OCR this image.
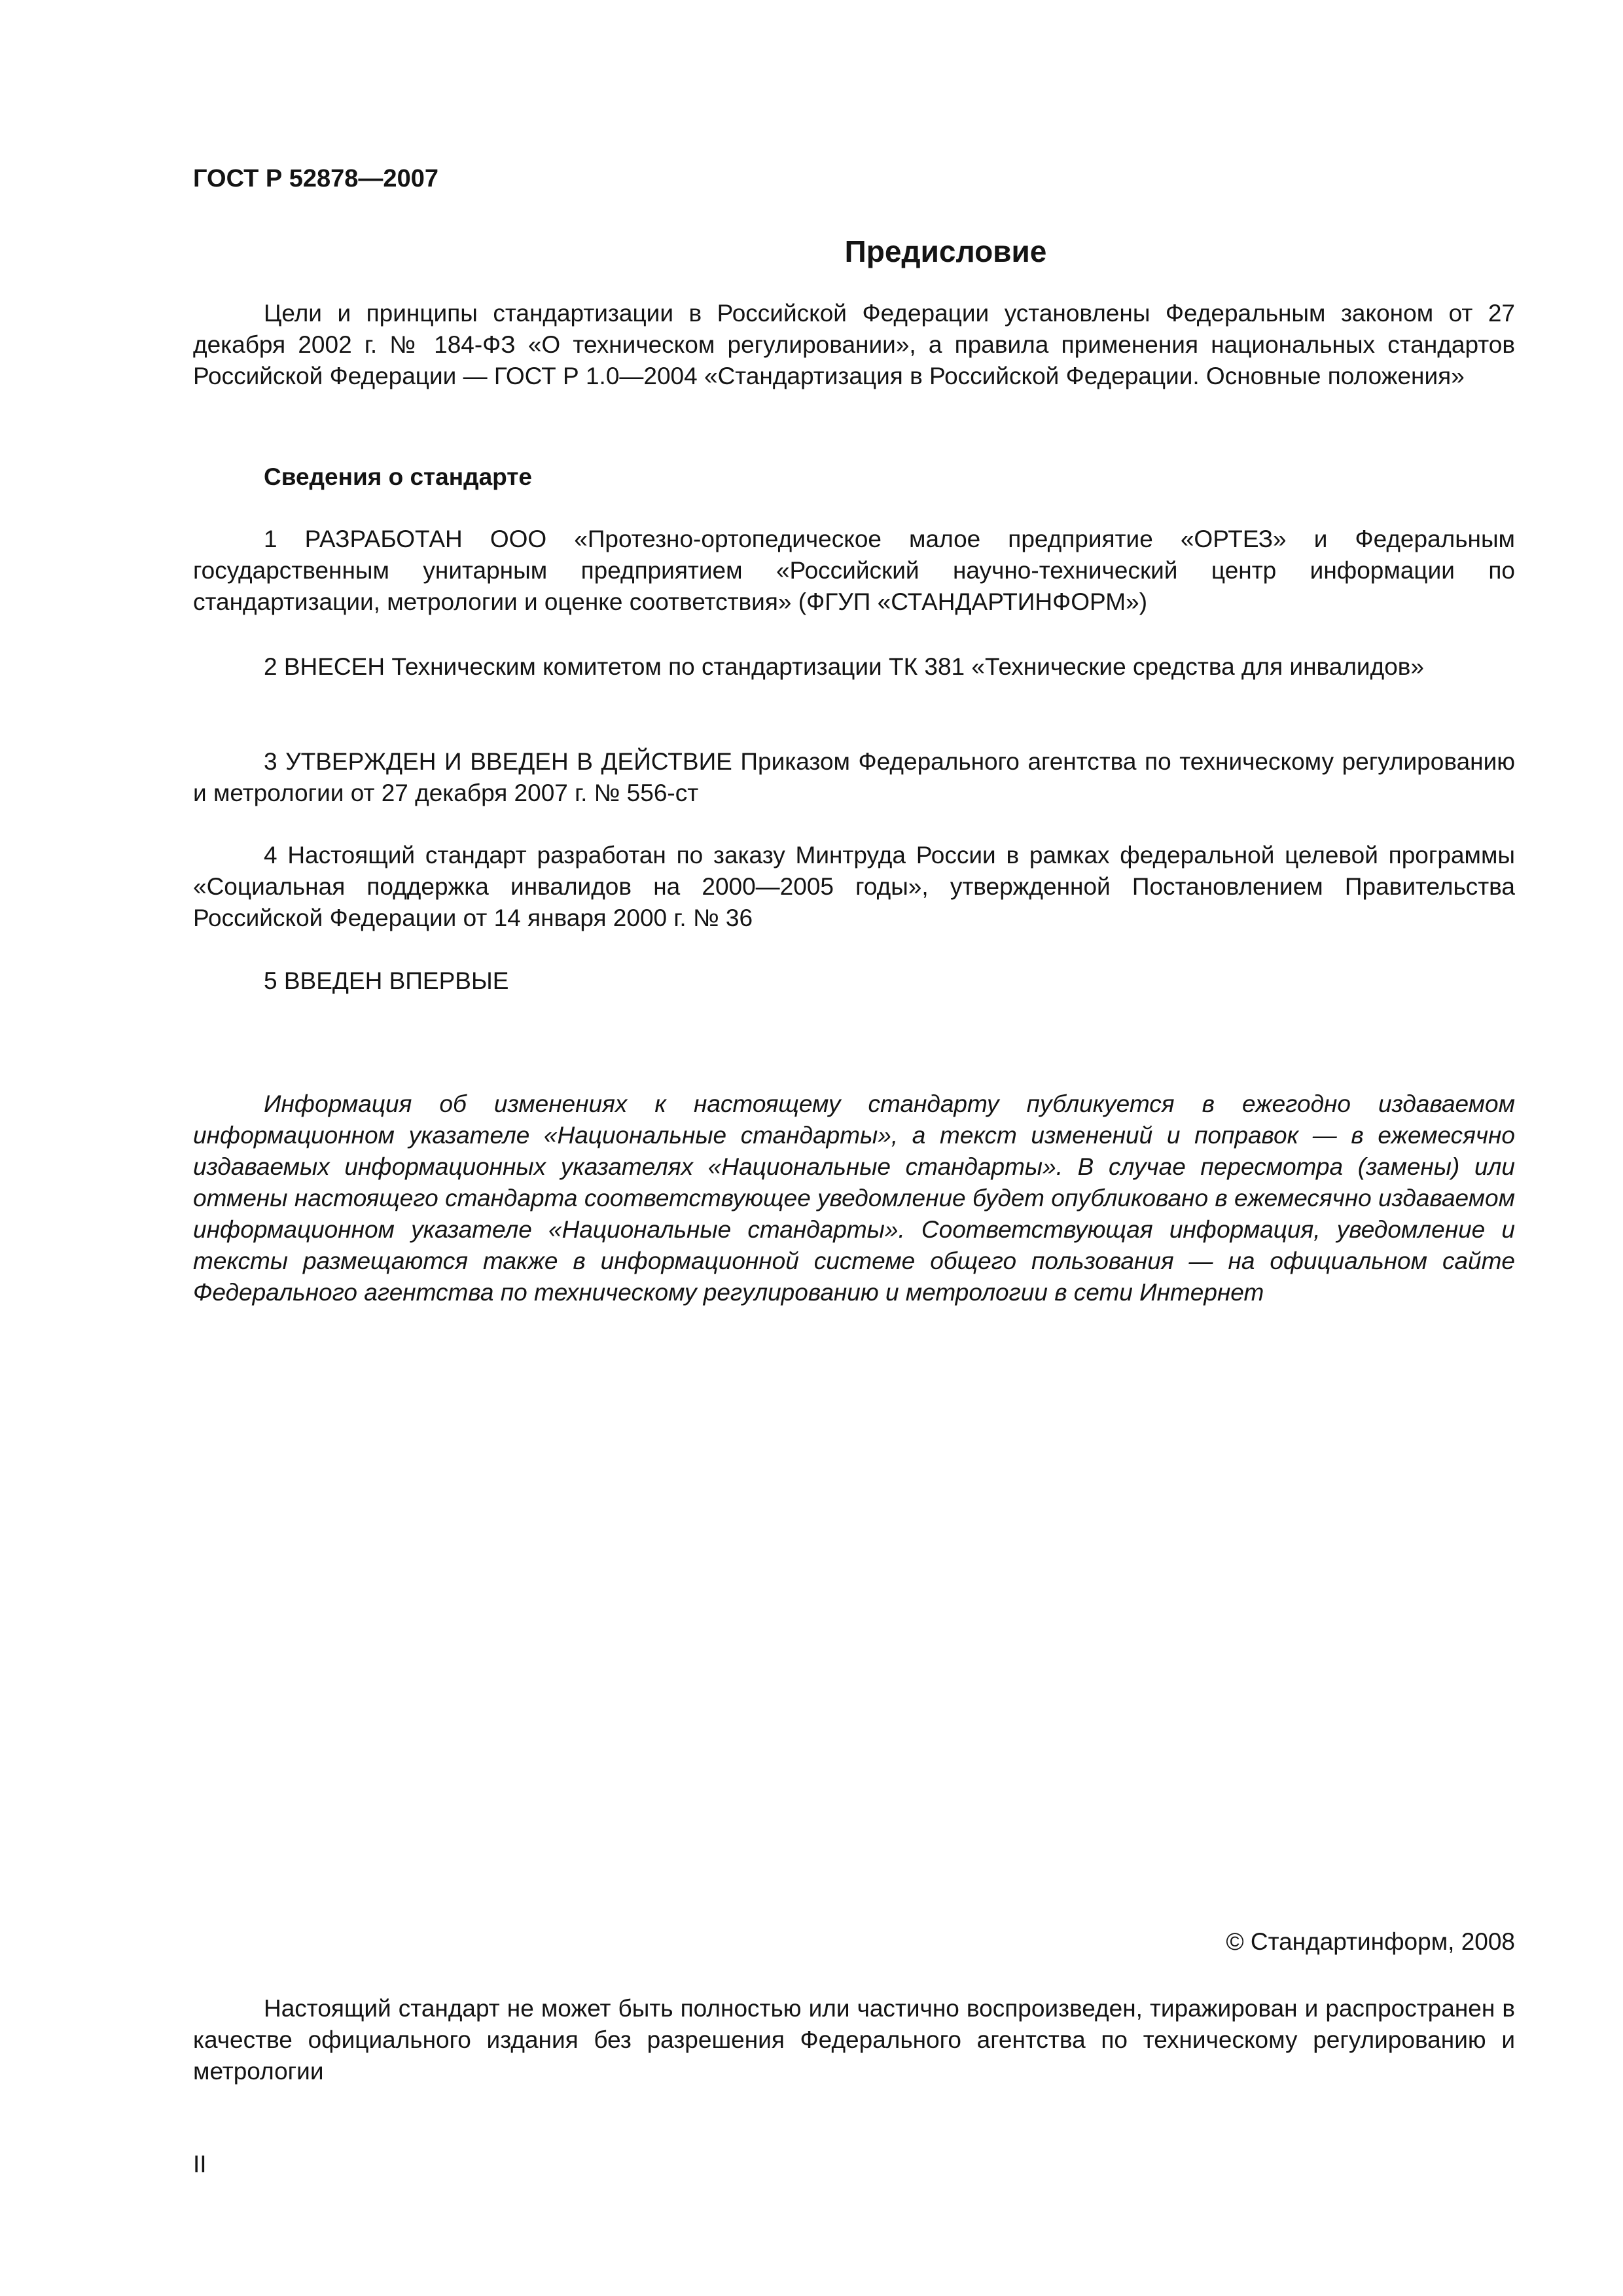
ГОСТ Р 52878—2007
Предисловие

Цели и принципы стандартизации в Российской Федерации установлены Федеральным законом от 27 декабря 2002 г. № 184-ФЗ «О техническом регулировании», а правила применения национальных стандартов Российской Федерации — ГОСТ Р 1.0—2004 «Стандартизация в Российской Федерации. Основные положения»

Сведения о стандарте

1 РАЗРАБОТАН ООО «Протезно-ортопедическое малое предприятие «ОРТЕЗ» и Федеральным государственным унитарным предприятием «Российский научно-технический центр информации по стандартизации, метрологии и оценке соответствия» (ФГУП «СТАНДАРТИНФОРМ»)

2 ВНЕСЕН Техническим комитетом по стандартизации ТК 381 «Технические средства для инвалидов»

3 УТВЕРЖДЕН И ВВЕДЕН В ДЕЙСТВИЕ Приказом Федерального агентства по техническому регулированию и метрологии от 27 декабря 2007 г. № 556-ст

4 Настоящий стандарт разработан по заказу Минтруда России в рамках федеральной целевой программы «Социальная поддержка инвалидов на 2000—2005 годы», утвержденной Постановлением Правительства Российской Федерации от 14 января 2000 г. № 36

5 ВВЕДЕН ВПЕРВЫЕ

Информация об изменениях к настоящему стандарту публикуется в ежегодно издаваемом информационном указателе «Национальные стандарты», а текст изменений и поправок — в ежемесячно издаваемых информационных указателях «Национальные стандарты». В случае пересмотра (замены) или отмены настоящего стандарта соответствующее уведомление будет опубликовано в ежемесячно издаваемом информационном указателе «Национальные стандарты». Соответствующая информация, уведомление и тексты размещаются также в информационной системе общего пользования — на официальном сайте Федерального агентства по техническому регулированию и метрологии в сети Интернет

© Стандартинформ, 2008

Настоящий стандарт не может быть полностью или частично воспроизведен, тиражирован и распространен в качестве официального издания без разрешения Федерального агентства по техническому регулированию и метрологии

II
